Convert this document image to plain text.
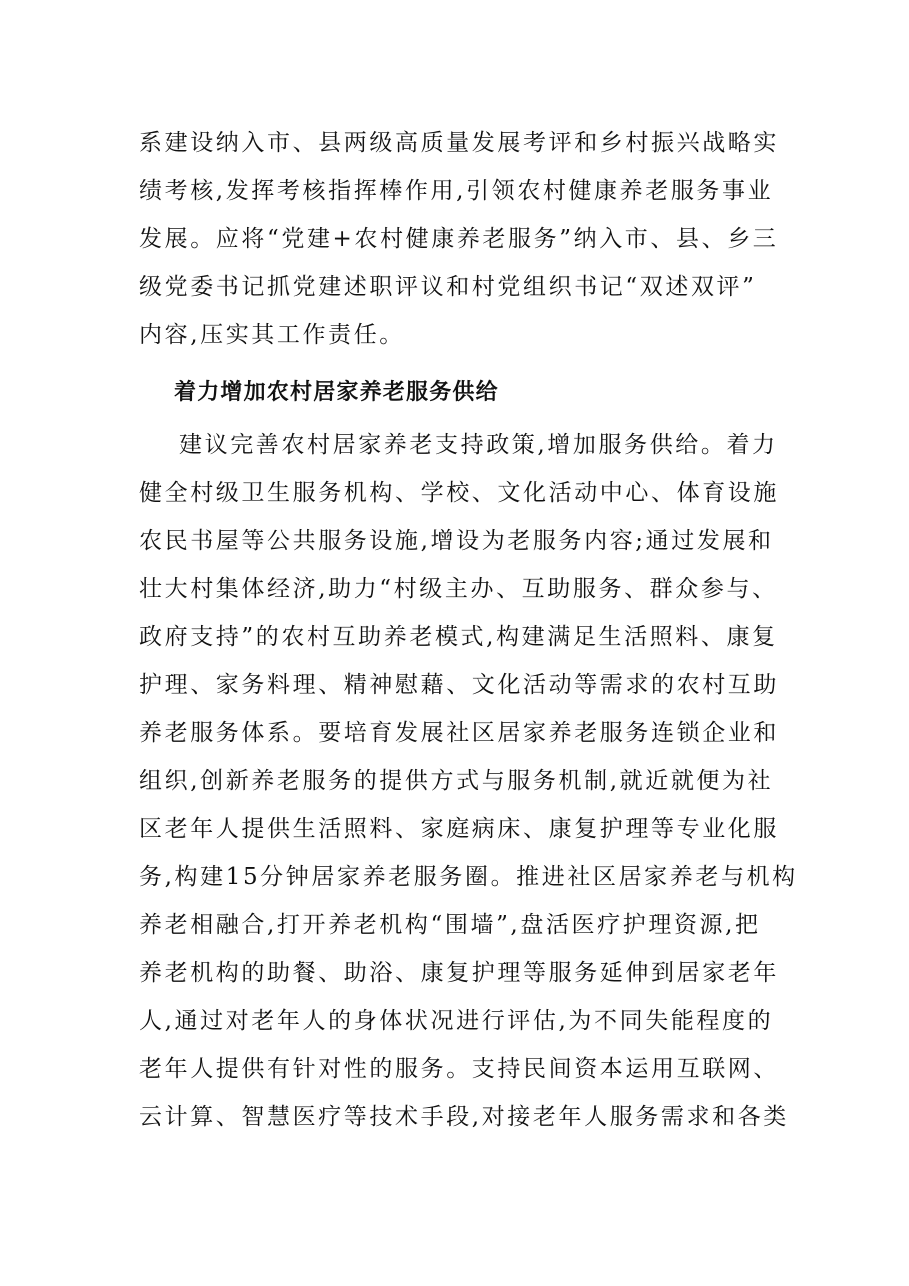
系建设纳入市、县两级高质量发展考评和乡村振兴战略实
绩考核,发挥考核指挥棒作用,引领农村健康养老服务事业
发展。应将“党建+农村健康养老服务”纳入市、县、乡三
级党委书记抓党建述职评议和村党组织书记“双述双评”
内容,压实其工作责任。
着力增加农村居家养老服务供给
建议完善农村居家养老支持政策,增加服务供给。着力
健全村级卫生服务机构、学校、文化活动中心、体育设施
农民书屋等公共服务设施,增设为老服务内容;通过发展和
壮大村集体经济,助力“村级主办、互助服务、群众参与、
政府支持”的农村互助养老模式,构建满足生活照料、康复
护理、家务料理、精神慰藉、文化活动等需求的农村互助
养老服务体系。要培育发展社区居家养老服务连锁企业和
组织,创新养老服务的提供方式与服务机制,就近就便为社
区老年人提供生活照料、家庭病床、康复护理等专业化服
务,构建15分钟居家养老服务圈。推进社区居家养老与机构
养老相融合,打开养老机构“围墙”,盘活医疗护理资源,把
养老机构的助餐、助浴、康复护理等服务延伸到居家老年
人,通过对老年人的身体状况进行评估,为不同失能程度的
老年人提供有针对性的服务。支持民间资本运用互联网、
云计算、智慧医疗等技术手段,对接老年人服务需求和各类
